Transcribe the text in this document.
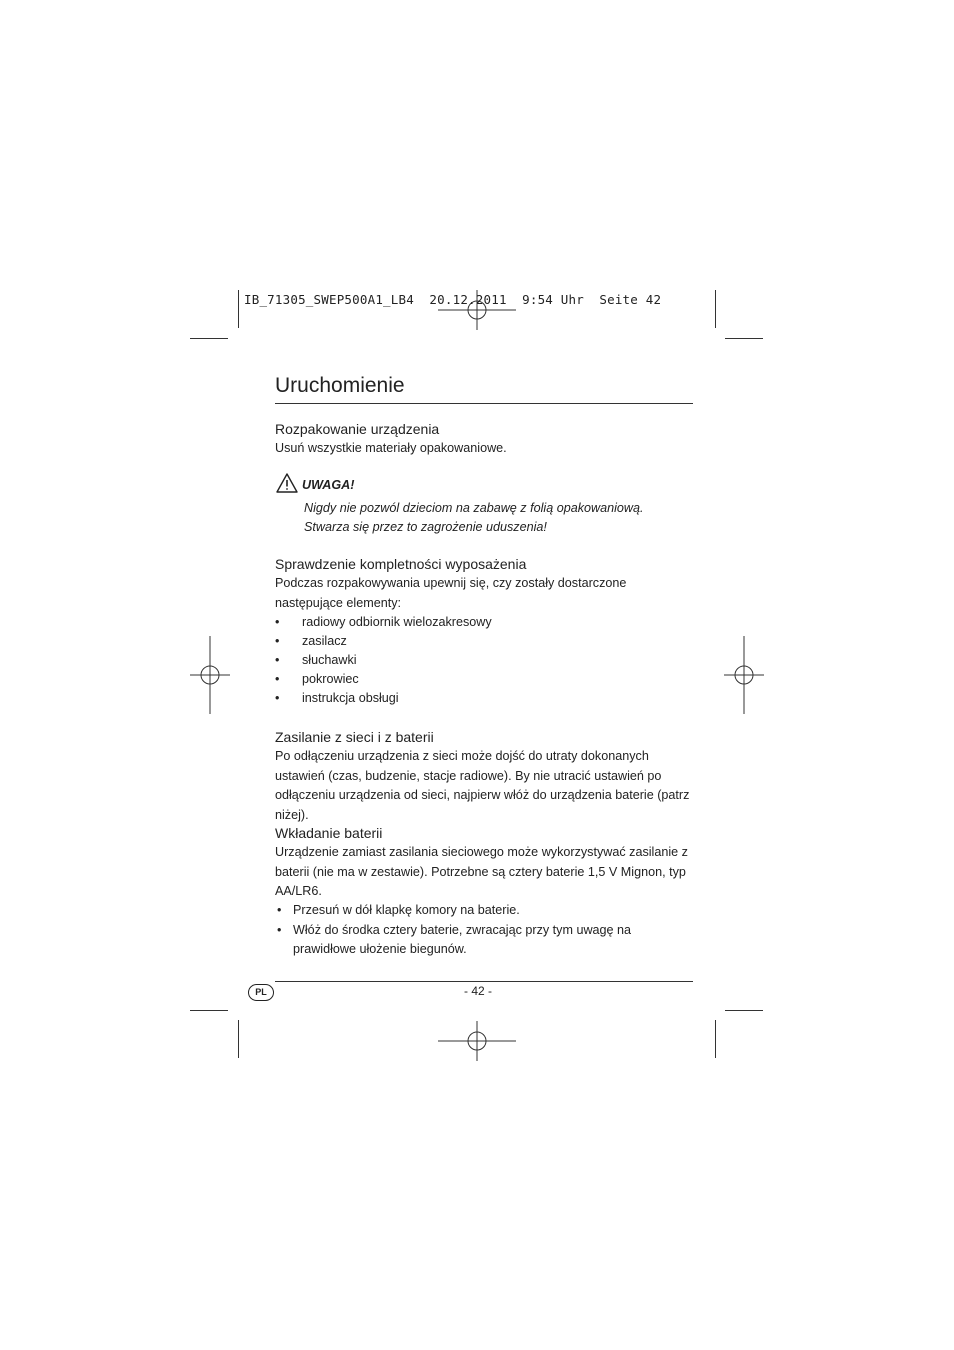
IB_71305_SWEP500A1_LB4  20.12.2011  9:54 Uhr  Seite 42
Uruchomienie
Rozpakowanie urządzenia
Usuń wszystkie materiały opakowaniowe.
UWAGA!
Nigdy nie pozwól dzieciom na zabawę z folią opakowaniową.
Stwarza się przez to zagrożenie uduszenia!
Sprawdzenie kompletności wyposażenia
Podczas rozpakowywania upewnij się, czy zostały dostarczone następujące elementy:
• radiowy odbiornik wielozakresowy
• zasilacz
• słuchawki
• pokrowiec
• instrukcja obsługi
Zasilanie z sieci i z baterii
Po odłączeniu urządzenia z sieci może dojść do utraty dokonanych ustawień (czas, budzenie, stacje radiowe). By nie utracić ustawień po odłączeniu urządzenia od sieci, najpierw włóż do urządzenia baterie (patrz niżej).
Wkładanie baterii
Urządzenie zamiast zasilania sieciowego może wykorzystywać zasilanie z baterii (nie ma w zestawie). Potrzebne są cztery baterie 1,5 V Mignon, typ AA/LR6.
• Przesuń w dół klapkę komory na baterie.
• Włóż do środka cztery baterie, zwracając przy tym uwagę na prawidłowe ułożenie biegunów.
PL	- 42 -
